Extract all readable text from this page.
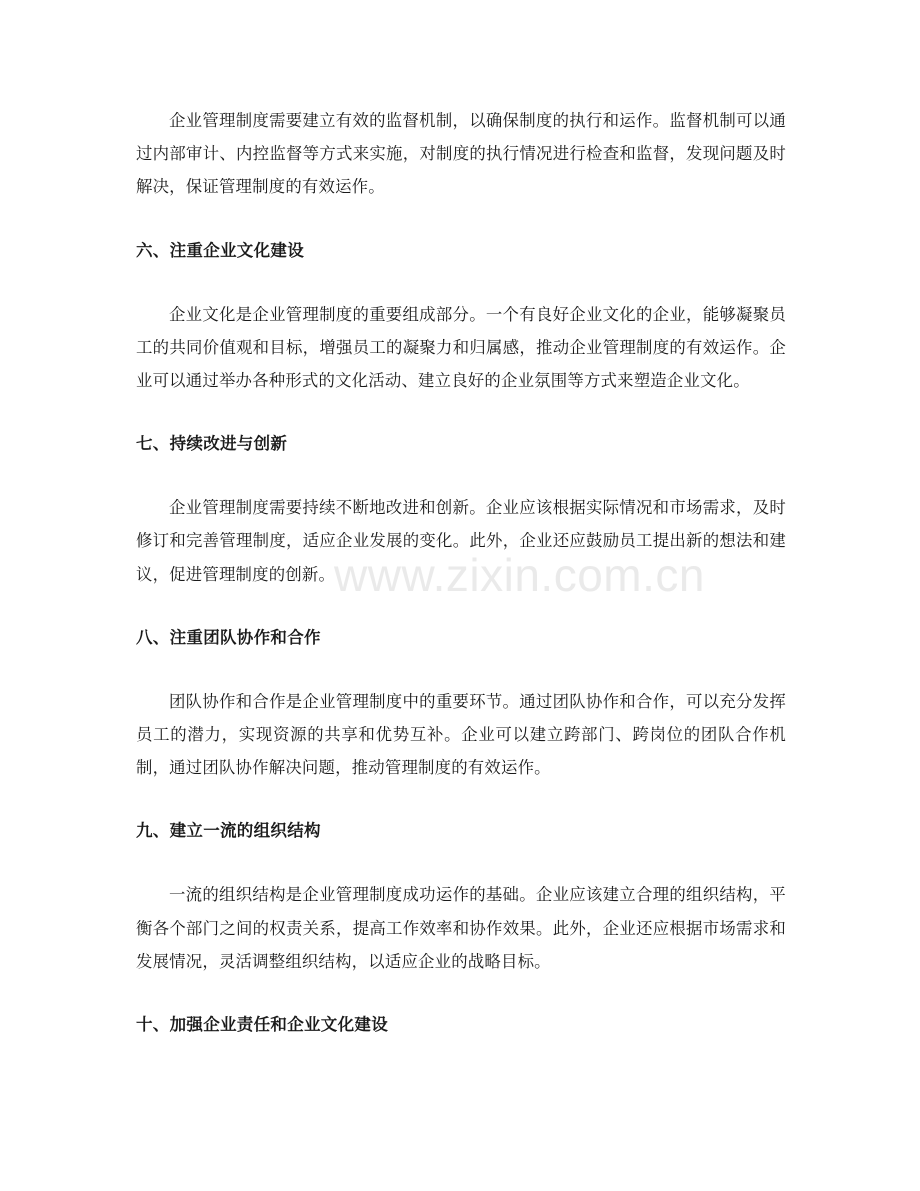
企业管理制度需要建立有效的监督机制，以确保制度的执行和运作。监督机制可以通过内部审计、内控监督等方式来实施，对制度的执行情况进行检查和监督，发现问题及时解决，保证管理制度的有效运作。

六、注重企业文化建设

企业文化是企业管理制度的重要组成部分。一个有良好企业文化的企业，能够凝聚员工的共同价值观和目标，增强员工的凝聚力和归属感，推动企业管理制度的有效运作。企业可以通过举办各种形式的文化活动、建立良好的企业氛围等方式来塑造企业文化。

七、持续改进与创新

企业管理制度需要持续不断地改进和创新。企业应该根据实际情况和市场需求，及时修订和完善管理制度，适应企业发展的变化。此外，企业还应鼓励员工提出新的想法和建议，促进管理制度的创新。

八、注重团队协作和合作

团队协作和合作是企业管理制度中的重要环节。通过团队协作和合作，可以充分发挥员工的潜力，实现资源的共享和优势互补。企业可以建立跨部门、跨岗位的团队合作机制，通过团队协作解决问题，推动管理制度的有效运作。

九、建立一流的组织结构

一流的组织结构是企业管理制度成功运作的基础。企业应该建立合理的组织结构，平衡各个部门之间的权责关系，提高工作效率和协作效果。此外，企业还应根据市场需求和发展情况，灵活调整组织结构，以适应企业的战略目标。

十、加强企业责任和企业文化建设
www.zixin.com.cn
